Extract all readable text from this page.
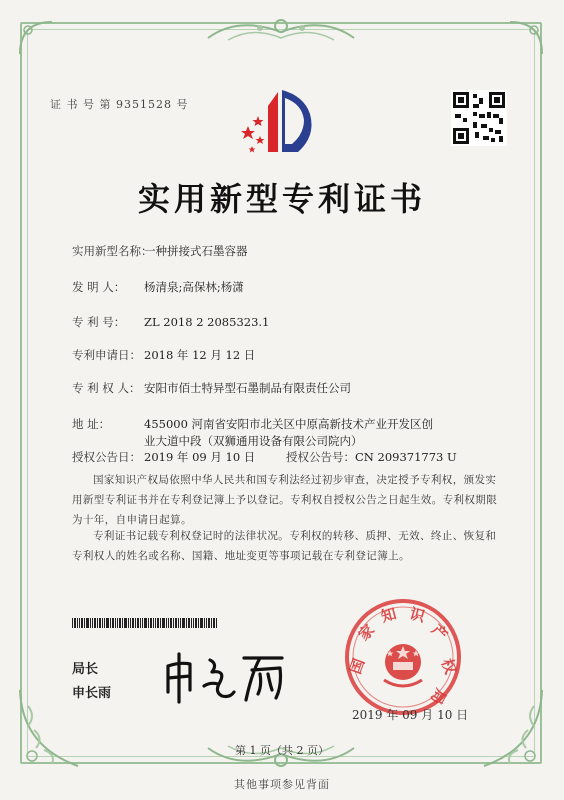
证 书 号 第 9351528 号
实用新型专利证书
实用新型名称：一种拼接式石墨容器
发 明 人： 杨清泉;高保林;杨潇
专 利 号： ZL 2018 2 2085323.1
专利申请日： 2018 年 12 月 12 日
专 利 权 人： 安阳市佰士特异型石墨制品有限责任公司
地 址：	455000 河南省安阳市北关区中原高新技术产业开发区创
业大道中段（双狮通用设备有限公司院内）
授权公告日： 2019 年 09 月 10 日	授权公告号：CN 209371773 U
国家知识产权局依照中华人民共和国专利法经过初步审查，决定授予专利权，颁发实用新型专利证书并在专利登记簿上予以登记。专利权自授权公告之日起生效。专利权期限为十年，自申请日起算。
专利证书记载专利权登记时的法律状况。专利权的转移、质押、无效、终止、恢复和专利权人的姓名或名称、国籍、地址变更等事项记载在专利登记簿上。
局长
申长雨
国
家
知 识
产
权
局
2019 年 09 月 10 日
第 1 页（共 2 页）
其他事项参见背面
